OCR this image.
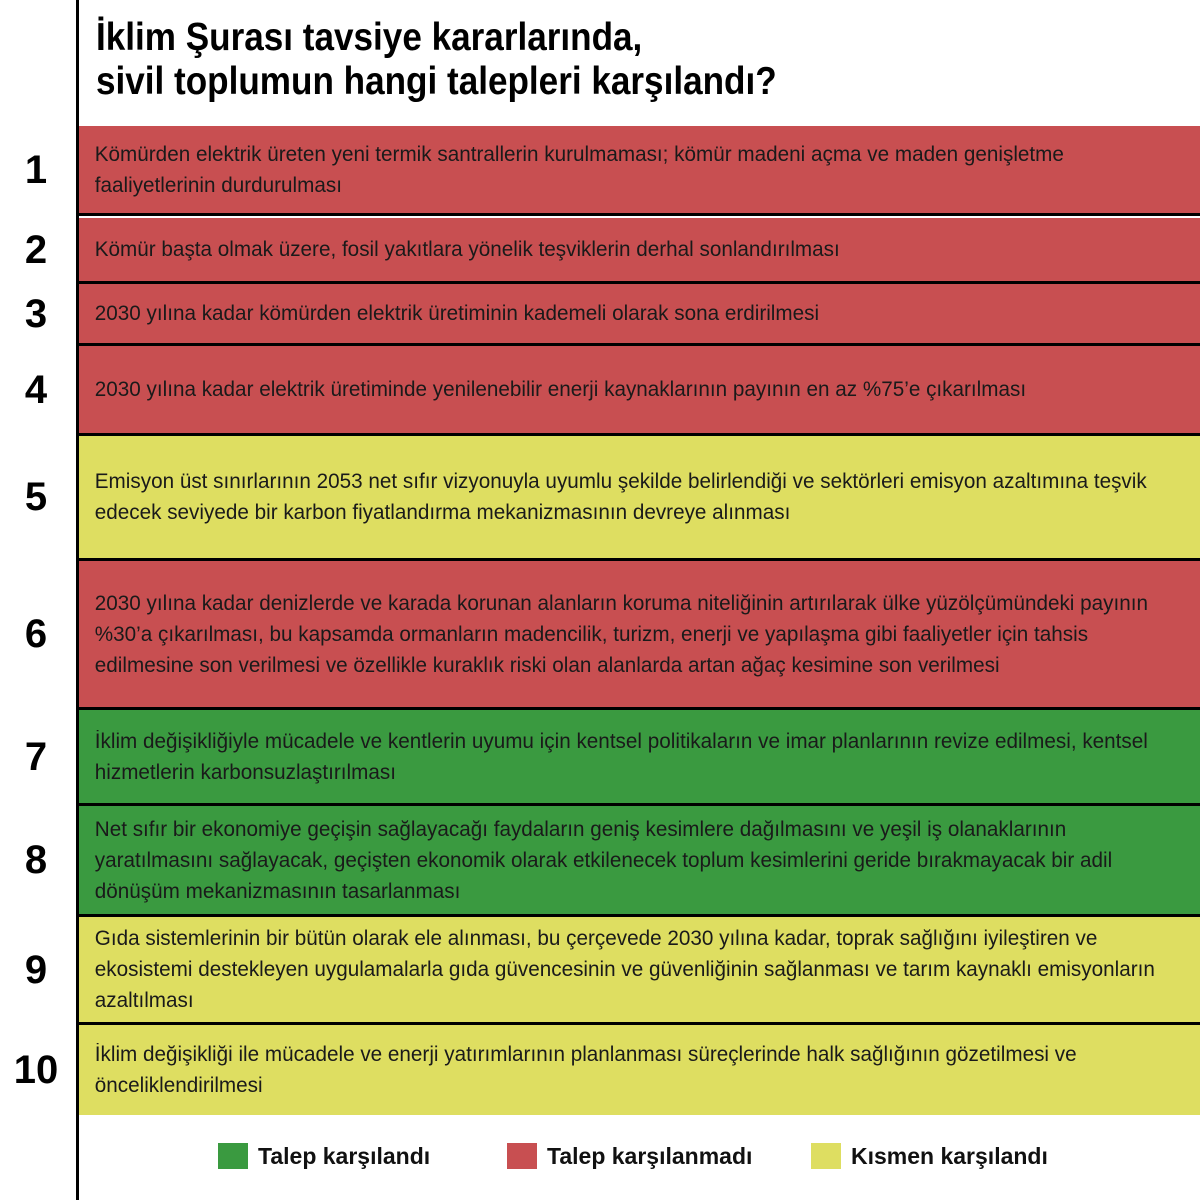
İklim Şurası tavsiye kararlarında,
sivil toplumun hangi talepleri karşılandı?
Kömürden elektrik üreten yeni termik santrallerin kurulmaması; kömür madeni açma ve maden genişletme faaliyetlerinin durdurulması
1
Kömür başta olmak üzere, fosil yakıtlara yönelik teşviklerin derhal sonlandırılması
2
2030 yılına kadar kömürden elektrik üretiminin kademeli olarak sona erdirilmesi
3
2030 yılına kadar elektrik üretiminde yenilenebilir enerji kaynaklarının payının en az %75’e çıkarılması
4
Emisyon üst sınırlarının 2053 net sıfır vizyonuyla uyumlu şekilde belirlendiği ve sektörleri emisyon azaltımına teşvik edecek seviyede bir karbon fiyatlandırma mekanizmasının devreye alınması
5
2030 yılına kadar denizlerde ve karada korunan alanların koruma niteliğinin artırılarak ülke yüzölçümündeki payının %30’a çıkarılması, bu kapsamda ormanların madencilik, turizm, enerji ve yapılaşma gibi faaliyetler için tahsis edilmesine son verilmesi ve özellikle kuraklık riski olan alanlarda artan ağaç kesimine son verilmesi
6
İklim değişikliğiyle mücadele ve kentlerin uyumu için kentsel politikaların ve imar planlarının revize edilmesi, kentsel hizmetlerin karbonsuzlaştırılması
7
Net sıfır bir ekonomiye geçişin sağlayacağı faydaların geniş kesimlere dağılmasını ve yeşil iş olanaklarının yaratılmasını sağlayacak, geçişten ekonomik olarak etkilenecek toplum kesimlerini geride bırakmayacak bir adil dönüşüm mekanizmasının tasarlanması
8
Gıda sistemlerinin bir bütün olarak ele alınması, bu çerçevede 2030 yılına kadar, toprak sağlığını iyileştiren ve ekosistemi destekleyen uygulamalarla gıda güvencesinin ve güvenliğinin sağlanması ve tarım kaynaklı emisyonların azaltılması
9
İklim değişikliği ile mücadele ve enerji yatırımlarının planlanması süreçlerinde halk sağlığının gözetilmesi ve önceliklendirilmesi
10
Talep karşılandı	Talep karşılanmadı	Kısmen karşılandı
